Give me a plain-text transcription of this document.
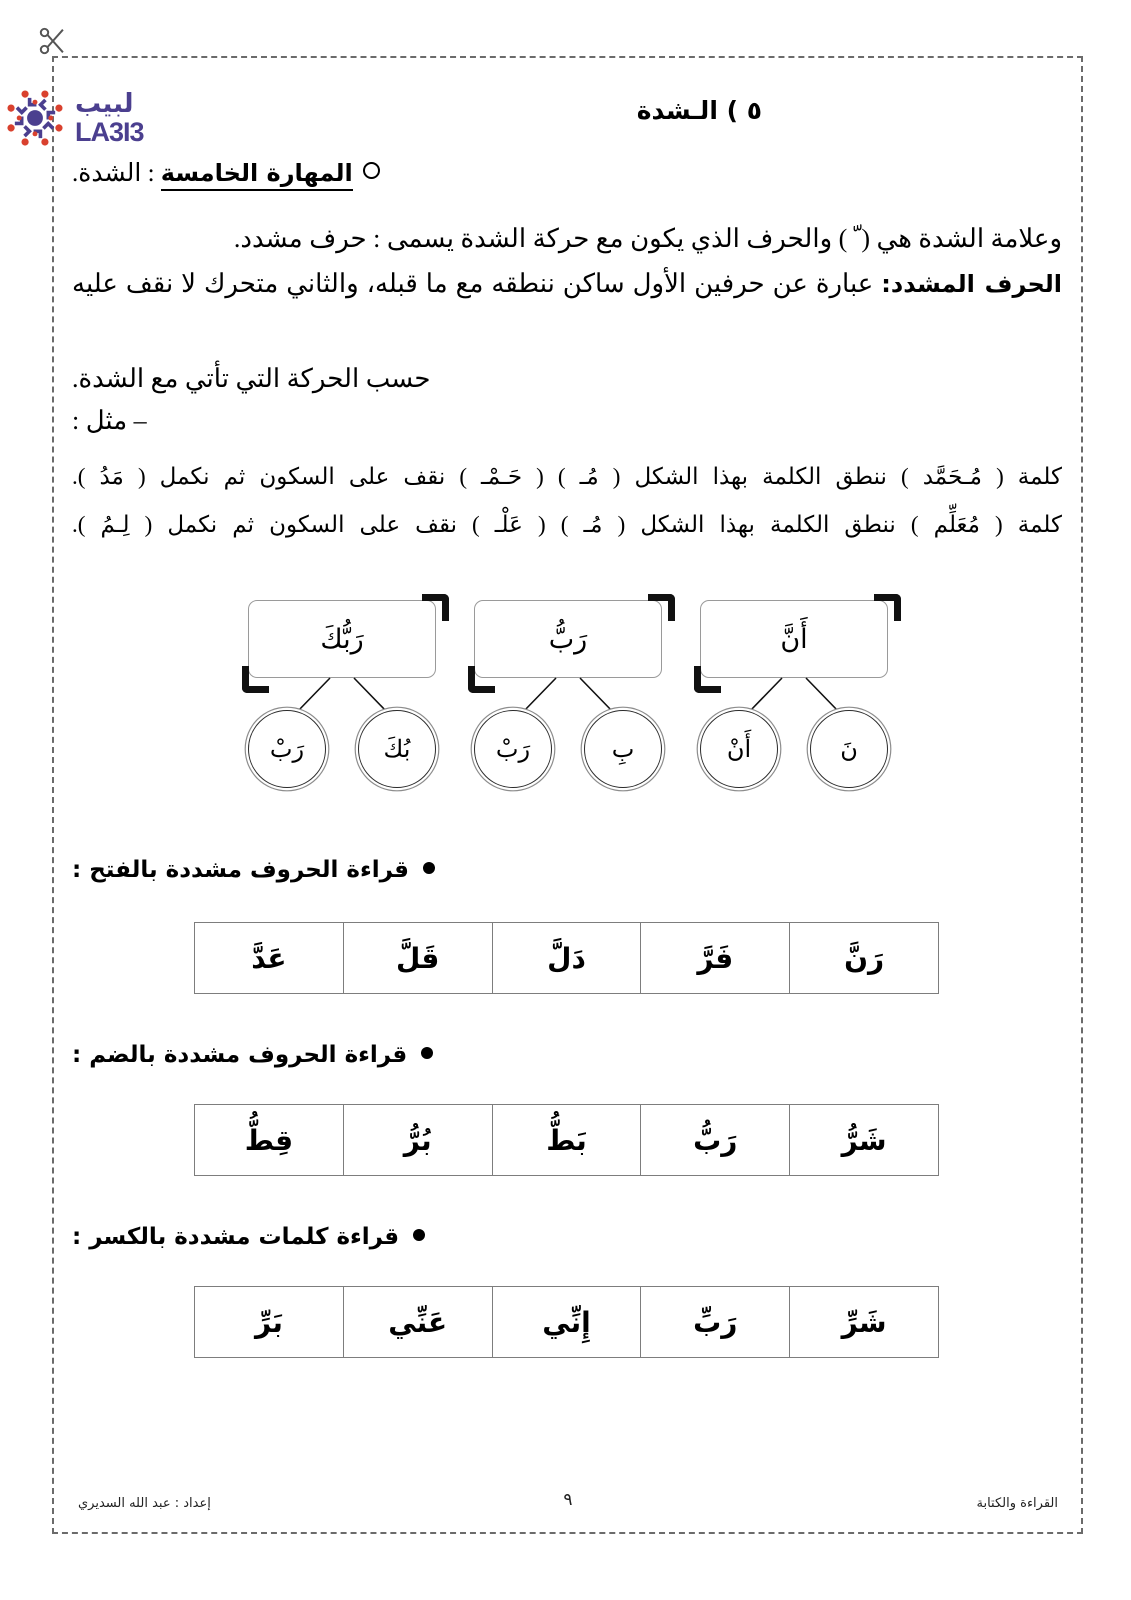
لبيب
LA3I3
٥ ) الـشدة
المهارة الخامسة : الشدة.
وعلامة الشدة هي ( ّ ) والحرف الذي يكون مع حركة الشدة يسمى : حرف مشدد.
الحرف المشدد: عبارة عن حرفين الأول ساكن ننطقه مع ما قبله، والثاني متحرك لا نقف عليه
حسب الحركة التي تأتي مع الشدة.
– مثل :
كلمة ( مُـحَمَّد ) ننطق الكلمة بهذا الشكل ( مُـ ) ( حَـمْـ ) نقف على السكون ثم نكمل ( مَدُ ).
كلمة ( مُعَلِّم ) ننطق الكلمة بهذا الشكل ( مُـ ) ( عَلْـ ) نقف على السكون ثم نكمل ( لِـمُ ).
أَنَّ
نَ
أَنْ
رَبُّ
بِ
رَبْ
رَبُّكَ
بُكَ
رَبْ
قراءة الحروف مشددة بالفتح :
رَنَّ	فَرَّ	دَلَّ	قَلَّ	عَدَّ
قراءة الحروف مشددة بالضم :
شَرُّ	رَبُّ	بَطُّ	بُرُّ	قِطُّ
قراءة كلمات مشددة بالكسر :
شَرِّ	رَبِّ	إِنِّي	عَنِّي	بَرِّ
القراءة والكتابة
٩
إعداد : عبد الله السديري
